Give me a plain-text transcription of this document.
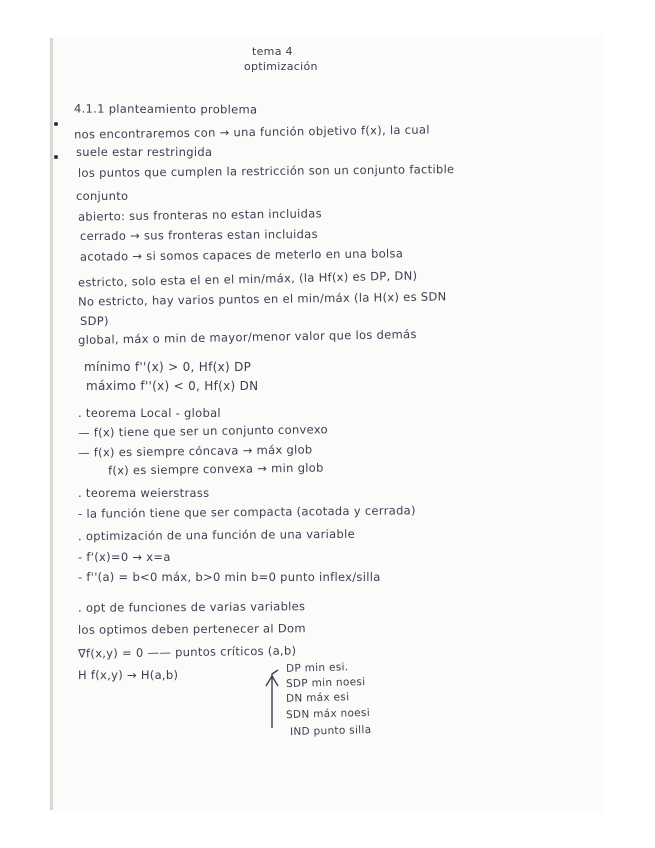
tema 4
optimización
4.1.1 planteamiento problema
nos encontraremos con → una función objetivo f(x), la cual
suele estar restringida
los puntos que cumplen la restricción son un conjunto factible
conjunto
abierto: sus fronteras no estan incluidas
cerrado → sus fronteras estan incluidas
acotado → si somos capaces de meterlo en una bolsa
estricto, solo esta el en el min/máx, (la Hf(x) es DP, DN)
No estricto, hay varios puntos en el min/máx (la H(x) es SDN
SDP)
global, máx o min de mayor/menor valor que los demás
mínimo f''(x) > 0, Hf(x) DP
máximo f''(x) < 0, Hf(x) DN
. teorema Local - global
— f(x) tiene que ser un conjunto convexo
— f(x) es siempre cóncava → máx glob
f(x) es siempre convexa → min glob
. teorema weierstrass
- la función tiene que ser compacta (acotada y cerrada)
. optimización de una función de una variable
- f'(x)=0 → x=a
- f''(a) = b<0 máx, b>0 min b=0 punto inflex/silla
. opt de funciones de varias variables
los optimos deben pertenecer al Dom
∇f(x,y) = 0 —— puntos críticos (a,b)
H f(x,y) → H(a,b)	DP min esi.
SDP min noesi
DN máx esi
SDN máx noesi
IND punto silla
